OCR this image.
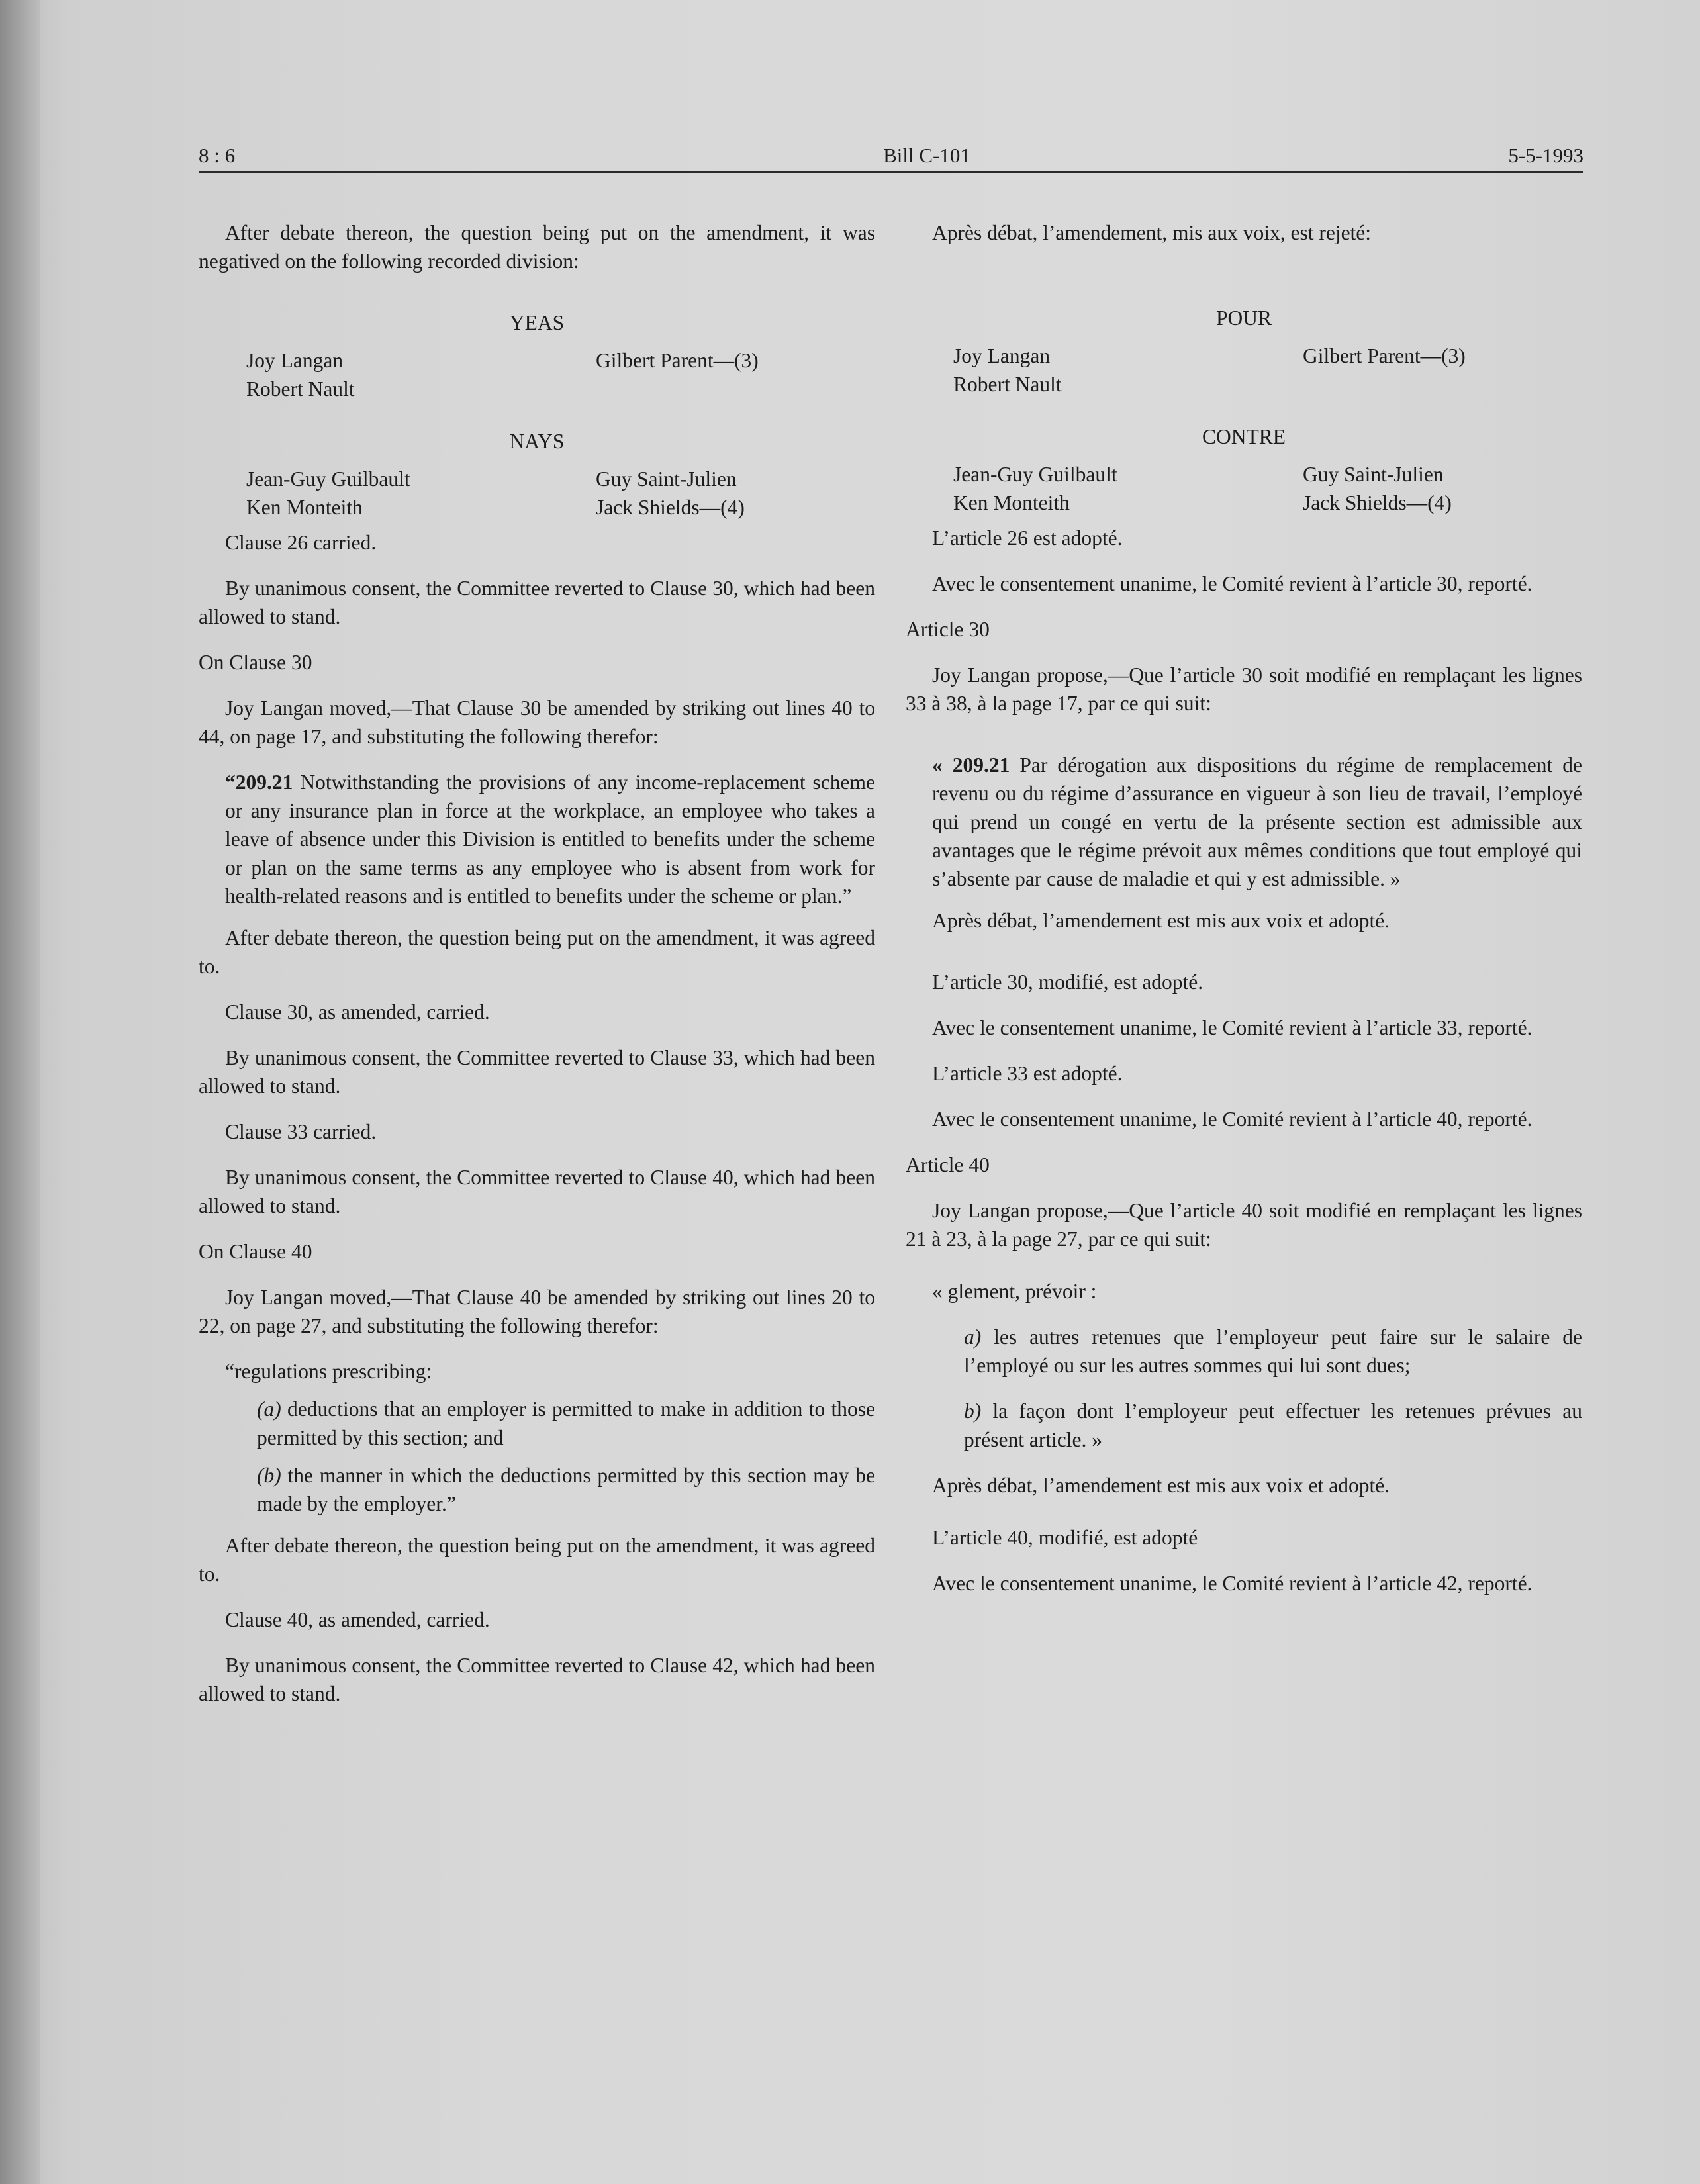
8 : 6	Bill C-101	5-5-1993

After debate thereon, the question being put on the amendment, it was negatived on the following recorded division:

YEAS

Joy Langan
Robert Nault
Gilbert Parent—(3)

NAYS

Jean-Guy Guilbault
Ken Monteith
Guy Saint-Julien
Jack Shields—(4)

Clause 26 carried.

By unanimous consent, the Committee reverted to Clause 30, which had been allowed to stand.

On Clause 30

Joy Langan moved,—That Clause 30 be amended by striking out lines 40 to 44, on page 17, and substituting the following therefor:

“209.21 Notwithstanding the provisions of any income-replacement scheme or any insurance plan in force at the workplace, an employee who takes a leave of absence under this Division is entitled to benefits under the scheme or plan on the same terms as any employee who is absent from work for health-related reasons and is entitled to benefits under the scheme or plan.”

After debate thereon, the question being put on the amendment, it was agreed to.

Clause 30, as amended, carried.

By unanimous consent, the Committee reverted to Clause 33, which had been allowed to stand.

Clause 33 carried.

By unanimous consent, the Committee reverted to Clause 40, which had been allowed to stand.

On Clause 40

Joy Langan moved,—That Clause 40 be amended by striking out lines 20 to 22, on page 27, and substituting the following therefor:

“regulations prescribing:

(a) deductions that an employer is permitted to make in addition to those permitted by this section; and

(b) the manner in which the deductions permitted by this section may be made by the employer.”

After debate thereon, the question being put on the amendment, it was agreed to.

Clause 40, as amended, carried.

By unanimous consent, the Committee reverted to Clause 42, which had been allowed to stand.

Après débat, l’amendement, mis aux voix, est rejeté:

POUR

Joy Langan
Robert Nault
Gilbert Parent—(3)

CONTRE

Jean-Guy Guilbault
Ken Monteith
Guy Saint-Julien
Jack Shields—(4)

L’article 26 est adopté.

Avec le consentement unanime, le Comité revient à l’article 30, reporté.

Article 30

Joy Langan propose,—Que l’article 30 soit modifié en remplaçant les lignes 33 à 38, à la page 17, par ce qui suit:

« 209.21 Par dérogation aux dispositions du régime de remplacement de revenu ou du régime d’assurance en vigueur à son lieu de travail, l’employé qui prend un congé en vertu de la présente section est admissible aux avantages que le régime prévoit aux mêmes conditions que tout employé qui s’absente par cause de maladie et qui y est admissible. »

Après débat, l’amendement est mis aux voix et adopté.

L’article 30, modifié, est adopté.

Avec le consentement unanime, le Comité revient à l’article 33, reporté.

L’article 33 est adopté.

Avec le consentement unanime, le Comité revient à l’article 40, reporté.

Article 40

Joy Langan propose,—Que l’article 40 soit modifié en remplaçant les lignes 21 à 23, à la page 27, par ce qui suit:

« glement, prévoir :

a) les autres retenues que l’employeur peut faire sur le salaire de l’employé ou sur les autres sommes qui lui sont dues;

b) la façon dont l’employeur peut effectuer les retenues prévues au présent article. »

Après débat, l’amendement est mis aux voix et adopté.

L’article 40, modifié, est adopté

Avec le consentement unanime, le Comité revient à l’article 42, reporté.
